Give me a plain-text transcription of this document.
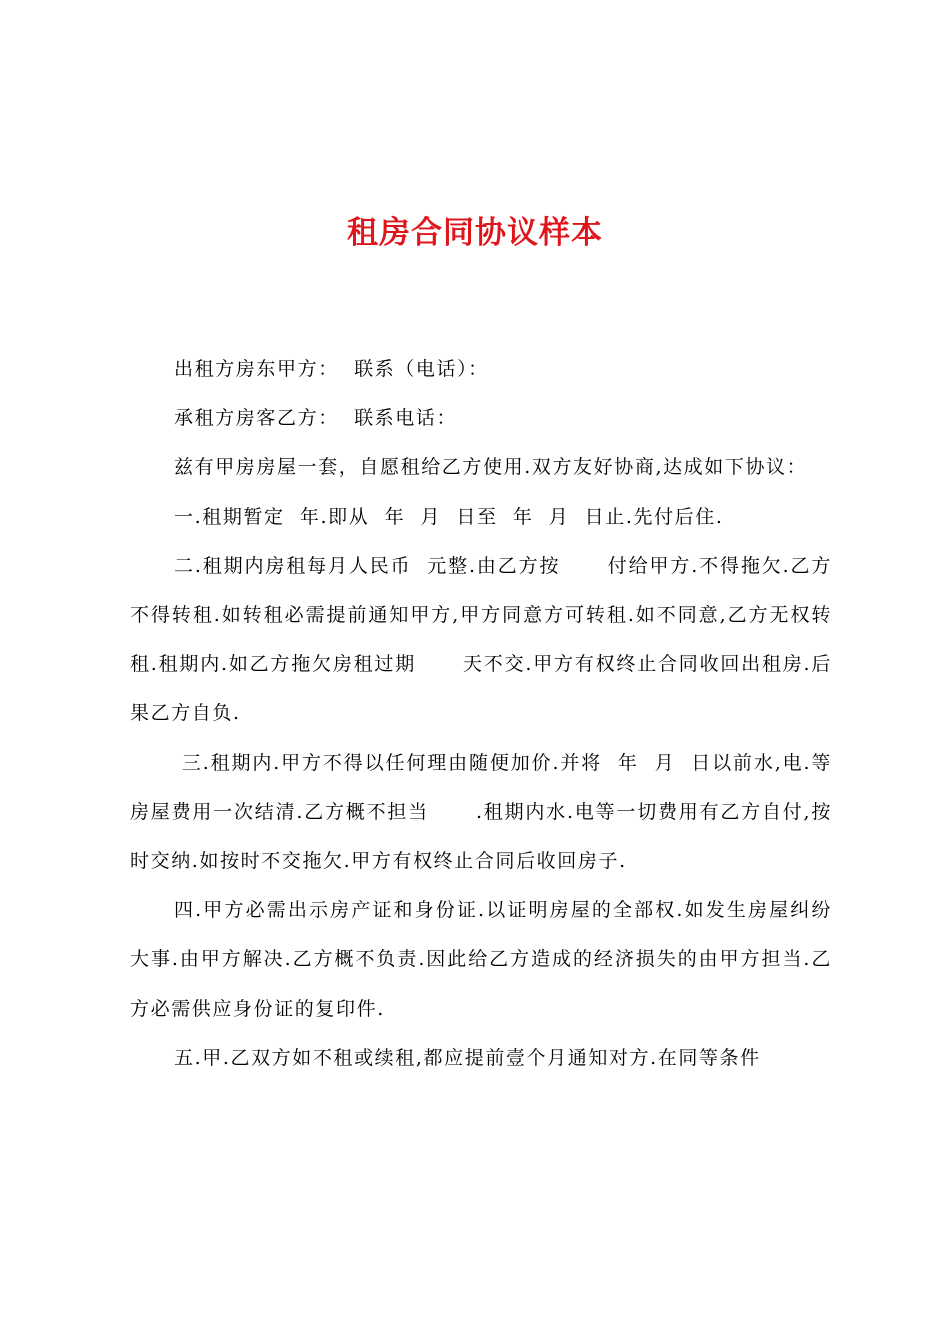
租房合同协议样本

出租方房东甲方：  联系（电话）：

承租方房客乙方：  联系电话：

兹有甲房房屋一套，自愿租给乙方使用.双方友好协商,达成如下协议：

一.租期暂定  年.即从  年  月  日至  年  月  日止.先付后住.

二.租期内房租每月人民币  元整.由乙方按      付给甲方.不得拖欠.乙方不得转租.如转租必需提前通知甲方,甲方同意方可转租.如不同意,乙方无权转租.租期内.如乙方拖欠房租过期      天不交.甲方有权终止合同收回出租房.后果乙方自负.

三.租期内.甲方不得以任何理由随便加价.并将  年  月  日以前水,电.等房屋费用一次结清.乙方概不担当      .租期内水.电等一切费用有乙方自付,按时交纳.如按时不交拖欠.甲方有权终止合同后收回房子.

四.甲方必需出示房产证和身份证.以证明房屋的全部权.如发生房屋纠纷大事.由甲方解决.乙方概不负责.因此给乙方造成的经济损失的由甲方担当.乙方必需供应身份证的复印件.

五.甲.乙双方如不租或续租,都应提前壹个月通知对方.在同等条件
